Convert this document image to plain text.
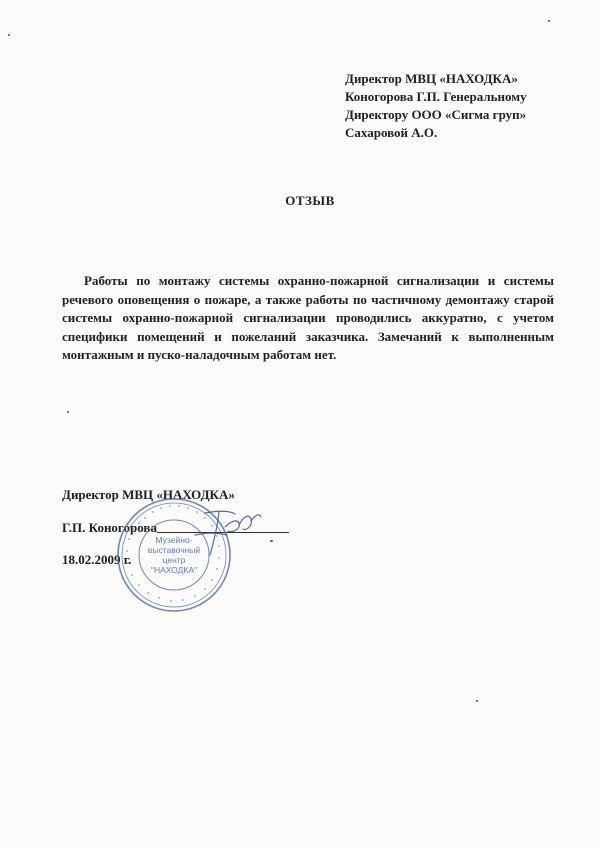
Директор МВЦ «НАХОДКА»
Коногорова Г.П. Генеральному
Директору ООО «Сигма груп»
Сахаровой А.О.
ОТЗЫВ
Работы по монтажу системы охранно-пожарной сигнализации и системы речевого оповещения о пожаре, а также работы по частичному демонтажу старой системы охранно-пожарной сигнализации проводились аккуратно, с учетом специфики помещений и пожеланий заказчика. Замечаний к выполненным монтажным и пуско-наладочным работам нет.
Директор МВЦ «НАХОДКА»
Г.П. Коногорова
18.02.2009 г.
Музейно-
выставочный
центр
"НАХОДКА"
